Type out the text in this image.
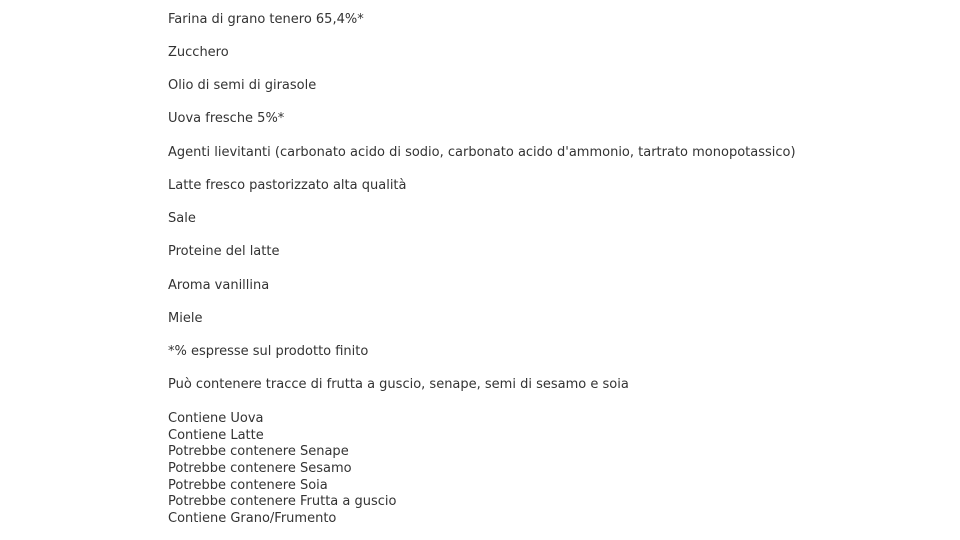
Farina di grano tenero 65,4%*
Zucchero
Olio di semi di girasole
Uova fresche 5%*
Agenti lievitanti (carbonato acido di sodio, carbonato acido d'ammonio, tartrato monopotassico)
Latte fresco pastorizzato alta qualità
Sale
Proteine del latte
Aroma vanillina
Miele
*% espresse sul prodotto finito
Può contenere tracce di frutta a guscio, senape, semi di sesamo e soia
Contiene Uova
Contiene Latte
Potrebbe contenere Senape
Potrebbe contenere Sesamo
Potrebbe contenere Soia
Potrebbe contenere Frutta a guscio
Contiene Grano/Frumento
